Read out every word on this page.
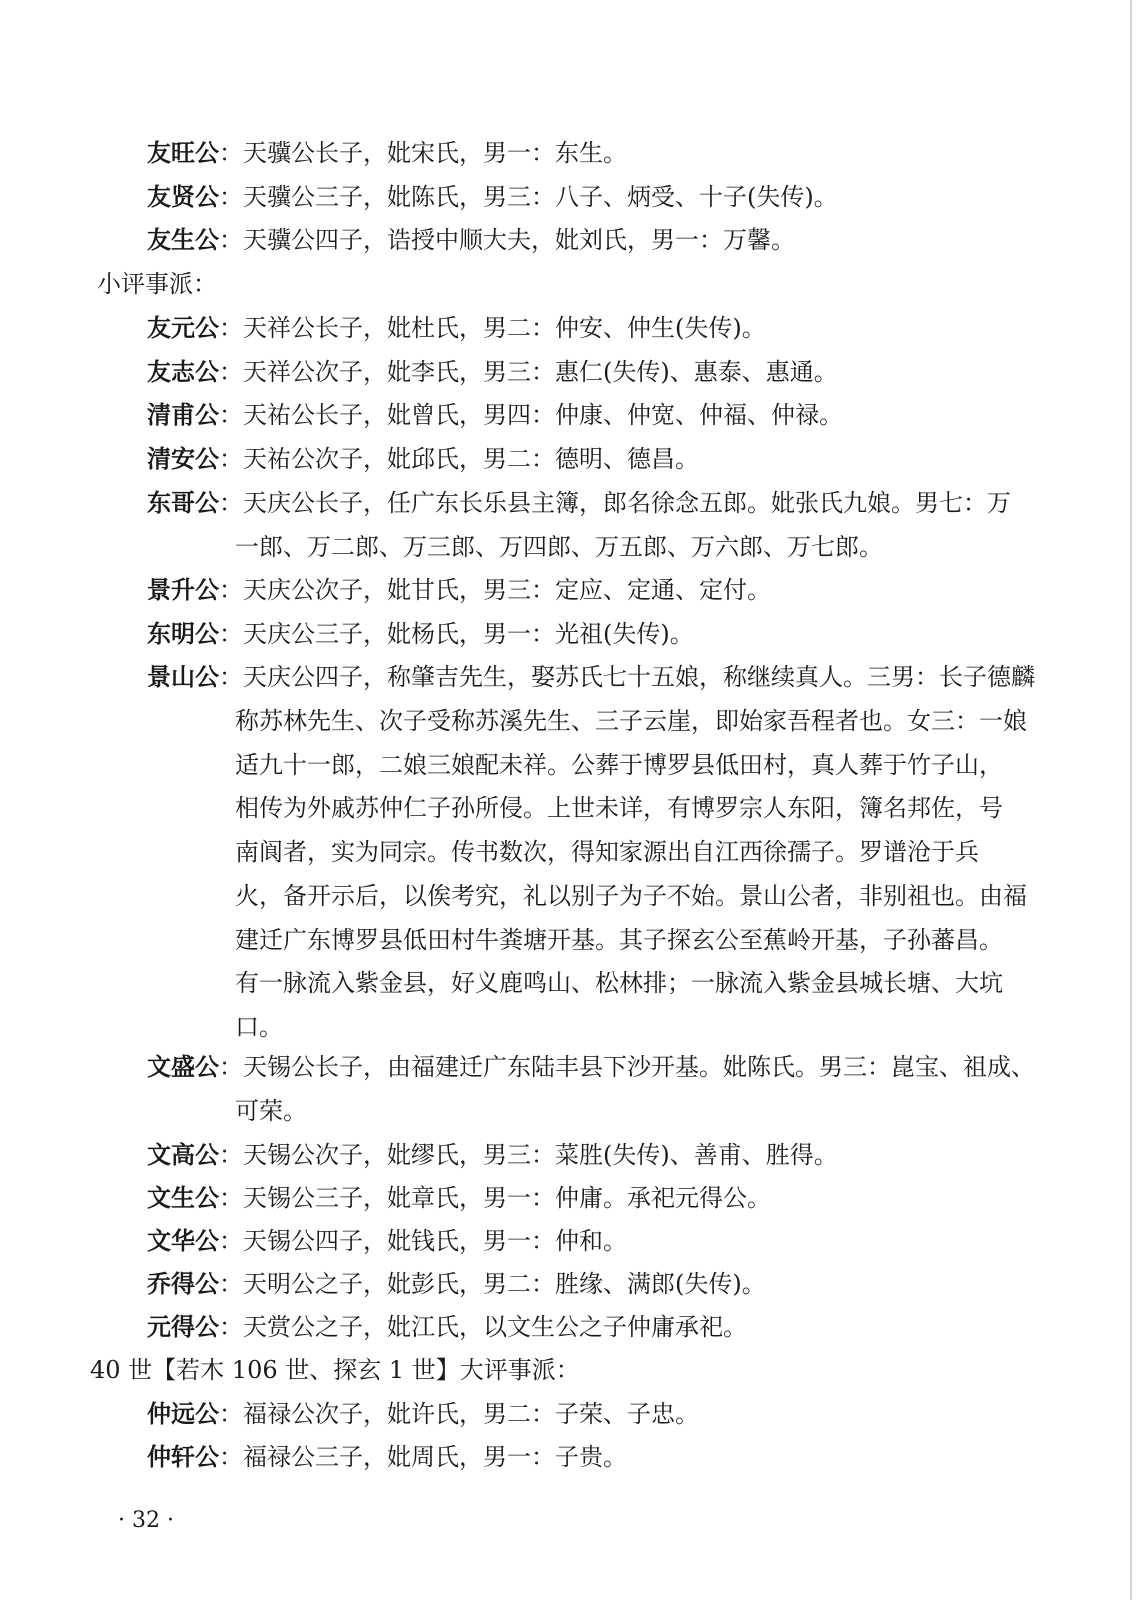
友旺公：天骥公长子，妣宋氏，男一：东生。
友贤公：天骥公三子，妣陈氏，男三：八子、炳受、十子(失传)。
友生公：天骥公四子，诰授中顺大夫，妣刘氏，男一：万馨。
小评事派：
友元公：天祥公长子，妣杜氏，男二：仲安、仲生(失传)。
友志公：天祥公次子，妣李氏，男三：惠仁(失传)、惠泰、惠通。
清甫公：天祐公长子，妣曾氏，男四：仲康、仲宽、仲福、仲禄。
清安公：天祐公次子，妣邱氏，男二：德明、德昌。
东哥公：天庆公长子，任广东长乐县主簿，郎名徐念五郎。妣张氏九娘。男七：万
一郎、万二郎、万三郎、万四郎、万五郎、万六郎、万七郎。
景升公：天庆公次子，妣甘氏，男三：定应、定通、定付。
东明公：天庆公三子，妣杨氏，男一：光祖(失传)。
景山公：天庆公四子，称肇吉先生，娶苏氏七十五娘，称继续真人。三男：长子德麟
称苏林先生、次子受称苏溪先生、三子云崖，即始家吾程者也。女三：一娘
适九十一郎，二娘三娘配未祥。公葬于博罗县低田村，真人葬于竹子山，
相传为外戚苏仲仁子孙所侵。上世未详，有博罗宗人东阳，簿名邦佐，号
南阆者，实为同宗。传书数次，得知家源出自江西徐孺子。罗谱沧于兵
火，备开示后，以俟考究，礼以别子为子不始。景山公者，非别祖也。由福
建迁广东博罗县低田村牛粪塘开基。其子探玄公至蕉岭开基，子孙蕃昌。
有一脉流入紫金县，好义鹿鸣山、松林排；一脉流入紫金县城长塘、大坑
口。
文盛公：天锡公长子，由福建迁广东陆丰县下沙开基。妣陈氏。男三：崑宝、祖成、
可荣。
文高公：天锡公次子，妣缪氏，男三：菜胜(失传)、善甫、胜得。
文生公：天锡公三子，妣章氏，男一：仲庸。承祀元得公。
文华公：天锡公四子，妣钱氏，男一：仲和。
乔得公：天明公之子，妣彭氏，男二：胜缘、满郎(失传)。
元得公：天赏公之子，妣江氏，以文生公之子仲庸承祀。
40 世【若木 106 世、探玄 1 世】大评事派：
仲远公：福禄公次子，妣许氏，男二：子荣、子忠。
仲轩公：福禄公三子，妣周氏，男一：子贵。
· 32 ·
